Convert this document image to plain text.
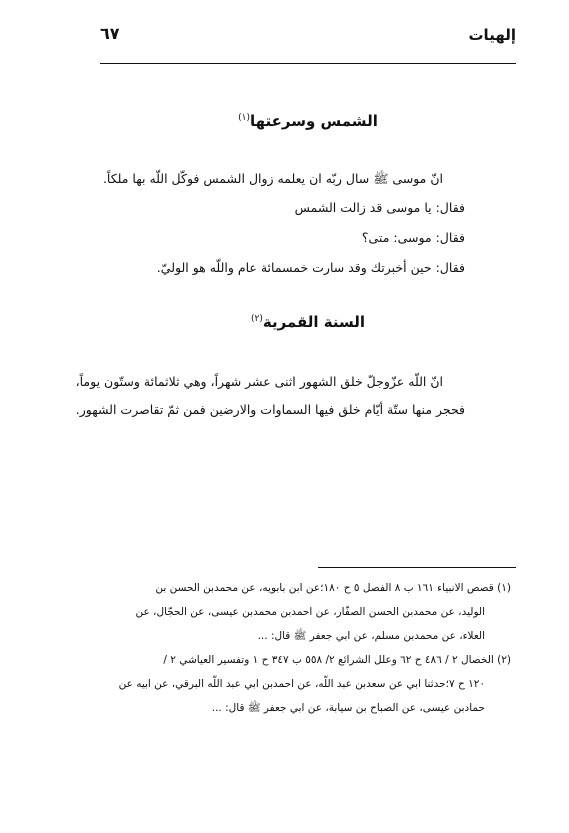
إلهيات
٦٧
الشمس وسرعتها$^{(١)}$
انّ موسى ﷺ سال ربّه ان يعلمه زوال الشمس فوكّل اللّه بها ملكاً.
فقال: يا موسى قد زالت الشمس
فقال: موسى: متى؟
فقال: حين أخبرتك وقد سارت خمسمائة عام واللّه هو الوليّ.
السنة القمرية$^{(٢)}$
انّ اللّه عزّوجلّ خلق الشهور اثنى عشر شهراً، وهي ثلاثمائة وستّون يوماً،
فحجر منها ستّة أيّام خلق فيها السماوات والارضين فمن ثمّ تقاصرت الشهور.
(١) قصص الانبياء ١٦١ ب ٨ الفصل ٥ ح ١٨٠؛عن ابن بابويه، عن محمدبن الحسن بن
الوليد، عن محمدبن الحسن الصفّار، عن احمدبن محمدبن عيسى، عن الحجّال، عن
العلاء، عن محمدبن مسلم، عن ابي جعفر ﷺ قال: ...
(٢) الخصال ٢ / ٤٨٦ ح ٦٢ وعلل الشرائع ٢/ ٥٥٨ ب ٣٤٧ ح ١ وتفسير العياشي ٢ /
١٢٠ ح ٧؛حدثنا ابي عن سعدبن عبد اللّه، عن احمدبن ابي عبد اللّه البرقي، عن ابيه عن
حمادبن عيسى، عن الصباح بن سيابة، عن ابي جعفر ﷺ قال: ...
